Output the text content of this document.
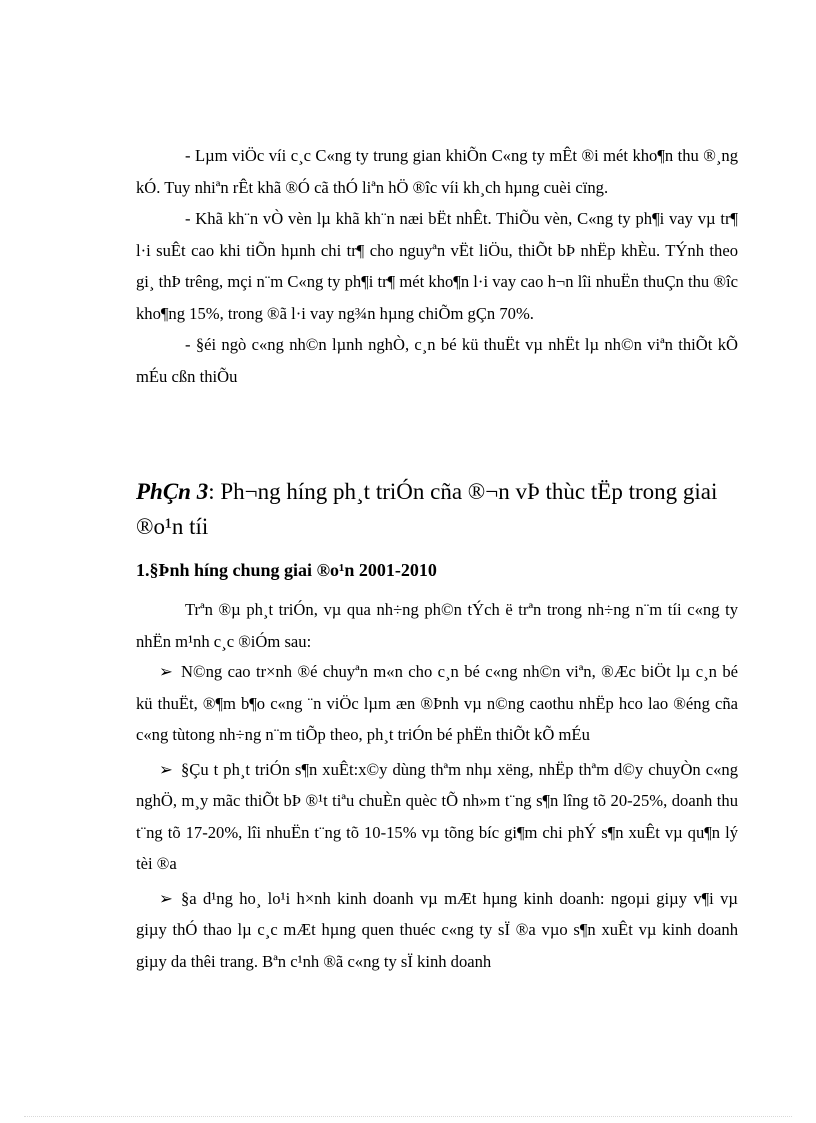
- Lµm viÖc víi c¸c C«ng ty trung gian khiÕn C«ng ty mÊt ®i mét kho¶n thu ®¸ng kÓ. Tuy nhiªn rÊt khã ®Ó cã thÓ liªn hÖ ®îc víi kh¸ch hµng cuèi cïng.

- Khã kh¨n vÒ vèn lµ khã kh¨n næi bËt nhÊt. ThiÕu vèn, C«ng ty ph¶i vay vµ tr¶ l·i suÊt cao khi tiÕn hµnh chi tr¶ cho nguyªn vËt liÖu, thiÕt bÞ nhËp khÈu. TÝnh theo gi¸ thÞ trêng, mçi n¨m C«ng ty ph¶i tr¶ mét kho¶n l·i vay cao h¬n lîi nhuËn thuÇn thu ®îc kho¶ng 15%, trong ®ã l·i vay ng¾n hµng chiÕm gÇn 70%.

- §éi ngò c«ng nh©n lµnh nghÒ, c¸n bé kü thuËt vµ nhËt lµ nh©n viªn thiÕt kÕ mÉu cßn thiÕu

PhÇn 3: Ph¬ng híng ph¸t triÓn cña ®¬n vÞ thùc tËp trong giai ®o¹n tíi
1.§Þnh híng chung giai ®o¹n 2001-2010

Trªn ®µ ph¸t triÓn, vµ qua nh÷ng ph©n tÝch ë trªn trong nh÷ng n¨m tíi c«ng ty nhËn m¹nh c¸c ®iÓm sau:

➢ N©ng cao tr×nh ®é chuyªn m«n cho c¸n bé c«ng nh©n viªn, ®Æc biÖt lµ c¸n bé kü thuËt, ®¶m b¶o c«ng ¨n viÖc lµm æn ®Þnh vµ n©ng caothu nhËp hco lao ®éng cña c«ng tùtong nh÷ng n¨m tiÕp theo, ph¸t triÓn bé phËn thiÕt kÕ mÉu

➢ §Çu t ph¸t triÓn s¶n xuÊt:x©y dùng thªm nhµ xëng, nhËp thªm d©y chuyÒn c«ng nghÖ, m¸y mãc thiÕt bÞ ®¹t tiªu chuÈn quèc tÕ nh»m t¨ng s¶n lîng tõ 20-25%, doanh thu t¨ng tõ 17-20%, lîi nhuËn t¨ng tõ 10-15% vµ tõng bíc gi¶m chi phÝ s¶n xuÊt vµ qu¶n lý tèi ®a

➢ §a d¹ng ho¸ lo¹i h×nh kinh doanh vµ mÆt hµng kinh doanh: ngoµi giµy v¶i vµ giµy thÓ thao lµ c¸c mÆt hµng quen thuéc c«ng ty sÏ ®a vµo s¶n xuÊt vµ kinh doanh giµy da thêi trang. Bªn c¹nh ®ã c«ng ty sÏ kinh doanh
